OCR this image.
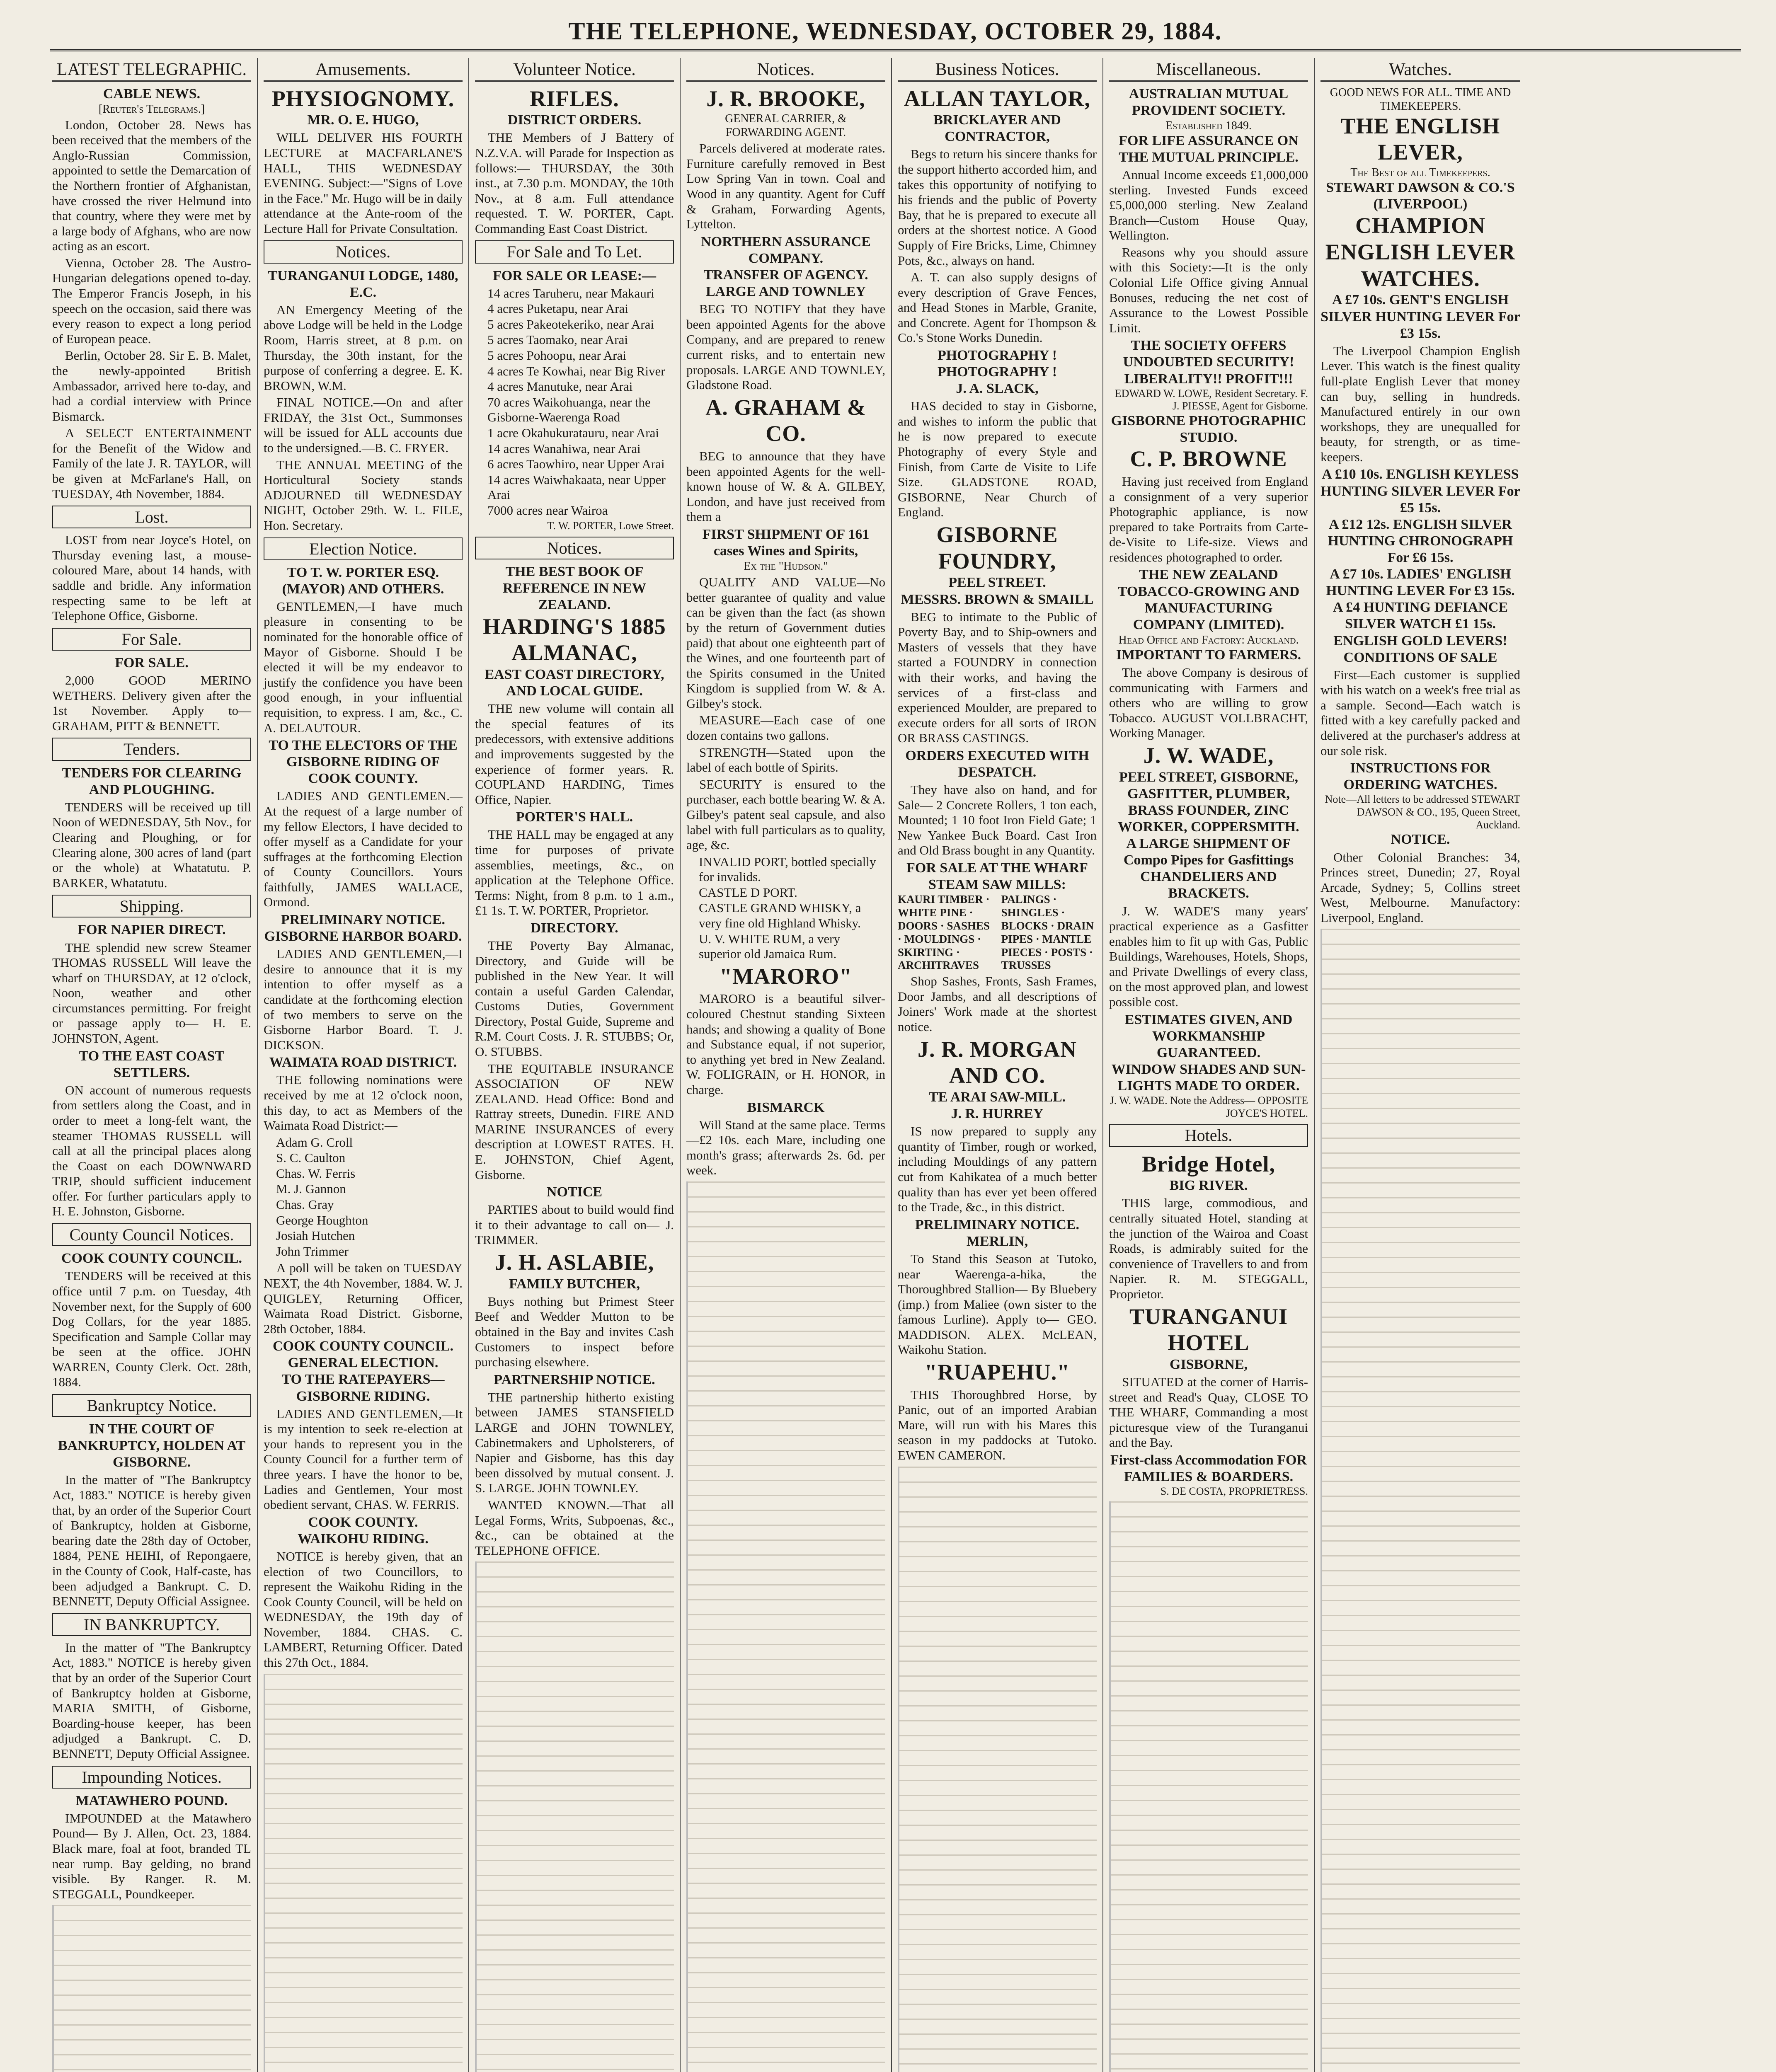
THE TELEPHONE, WEDNESDAY, OCTOBER 29, 1884.
LATEST TELEGRAPHIC.
CABLE NEWS.
[Reuter's Telegrams.]

London, October 28. News has been received that the members of the Anglo-Russian Commission, appointed to settle the Demarcation of the Northern frontier of Afghanistan, have crossed the river Helmund into that country, where they were met by a large body of Afghans, who are now acting as an escort.

Vienna, October 28. The Austro-Hungarian delegations opened to-day. The Emperor Francis Joseph, in his speech on the occasion, said there was every reason to expect a long period of European peace.

Berlin, October 28. Sir E. B. Malet, the newly-appointed British Ambassador, arrived here to-day, and had a cordial interview with Prince Bismarck.

A SELECT ENTERTAINMENT for the Benefit of the Widow and Family of the late J. R. TAYLOR, will be given at McFarlane's Hall, on TUESDAY, 4th November, 1884.

Lost.

LOST from near Joyce's Hotel, on Thursday evening last, a mouse-coloured Mare, about 14 hands, with saddle and bridle. Any information respecting same to be left at Telephone Office, Gisborne.

For Sale.
FOR SALE.

2,000 GOOD MERINO WETHERS. Delivery given after the 1st November. Apply to— GRAHAM, PITT & BENNETT.

Tenders.
TENDERS FOR CLEARING AND PLOUGHING.

TENDERS will be received up till Noon of WEDNESDAY, 5th Nov., for Clearing and Ploughing, or for Clearing alone, 300 acres of land (part or the whole) at Whatatutu. P. BARKER, Whatatutu.

Shipping.
FOR NAPIER DIRECT.

THE splendid new screw Steamer THOMAS RUSSELL Will leave the wharf on THURSDAY, at 12 o'clock, Noon, weather and other circumstances permitting. For freight or passage apply to— H. E. JOHNSTON, Agent.

TO THE EAST COAST SETTLERS.

ON account of numerous requests from settlers along the Coast, and in order to meet a long-felt want, the steamer THOMAS RUSSELL will call at all the principal places along the Coast on each DOWNWARD TRIP, should sufficient inducement offer. For further particulars apply to H. E. Johnston, Gisborne.

County Council Notices.
COOK COUNTY COUNCIL.

TENDERS will be received at this office until 7 p.m. on Tuesday, 4th November next, for the Supply of 600 Dog Collars, for the year 1885. Specification and Sample Collar may be seen at the office. JOHN WARREN, County Clerk. Oct. 28th, 1884.

Bankruptcy Notice.
IN THE COURT OF BANKRUPTCY, HOLDEN AT GISBORNE.

In the matter of "The Bankruptcy Act, 1883." NOTICE is hereby given that, by an order of the Superior Court of Bankruptcy, holden at Gisborne, bearing date the 28th day of October, 1884, PENE HEIHI, of Repongaere, in the County of Cook, Half-caste, has been adjudged a Bankrupt. C. D. BENNETT, Deputy Official Assignee.

IN BANKRUPTCY.

In the matter of "The Bankruptcy Act, 1883." NOTICE is hereby given that by an order of the Superior Court of Bankruptcy holden at Gisborne, MARIA SMITH, of Gisborne, Boarding-house keeper, has been adjudged a Bankrupt. C. D. BENNETT, Deputy Official Assignee.

Impounding Notices.
MATAWHERO POUND.

IMPOUNDED at the Matawhero Pound— By J. Allen, Oct. 23, 1884. Black mare, foal at foot, branded TL near rump. Bay gelding, no brand visible. By Ranger. R. M. STEGGALL, Poundkeeper.

Amusements.
PHYSIOGNOMY.
MR. O. E. HUGO,

WILL DELIVER HIS FOURTH LECTURE at MACFARLANE'S HALL, THIS WEDNESDAY EVENING. Subject:—"Signs of Love in the Face." Mr. Hugo will be in daily attendance at the Ante-room of the Lecture Hall for Private Consultation.

Notices.
TURANGANUI LODGE, 1480, E.C.

AN Emergency Meeting of the above Lodge will be held in the Lodge Room, Harris street, at 8 p.m. on Thursday, the 30th instant, for the purpose of conferring a degree. E. K. BROWN, W.M.

FINAL NOTICE.—On and after FRIDAY, the 31st Oct., Summonses will be issued for ALL accounts due to the undersigned.—B. C. FRYER.

THE ANNUAL MEETING of the Horticultural Society stands ADJOURNED till WEDNESDAY NIGHT, October 29th. W. L. FILE, Hon. Secretary.

Election Notice.
TO T. W. PORTER ESQ. (MAYOR) AND OTHERS.

GENTLEMEN,—I have much pleasure in consenting to be nominated for the honorable office of Mayor of Gisborne. Should I be elected it will be my endeavor to justify the confidence you have been good enough, in your influential requisition, to express. I am, &c., C. A. DELAUTOUR.

TO THE ELECTORS OF THE GISBORNE RIDING OF COOK COUNTY.

LADIES AND GENTLEMEN.—At the request of a large number of my fellow Electors, I have decided to offer myself as a Candidate for your suffrages at the forthcoming Election of County Councillors. Yours faithfully, JAMES WALLACE, Ormond.

PRELIMINARY NOTICE.
GISBORNE HARBOR BOARD.

LADIES AND GENTLEMEN,—I desire to announce that it is my intention to offer myself as a candidate at the forthcoming election of two members to serve on the Gisborne Harbor Board. T. J. DICKSON.

WAIMATA ROAD DISTRICT.

THE following nominations were received by me at 12 o'clock noon, this day, to act as Members of the Waimata Road District:—

Adam G. Croll
S. C. Caulton
Chas. W. Ferris
M. J. Gannon
Chas. Gray
George Houghton
Josiah Hutchen
John Trimmer

A poll will be taken on TUESDAY NEXT, the 4th November, 1884. W. J. QUIGLEY, Returning Officer, Waimata Road District. Gisborne, 28th October, 1884.

COOK COUNTY COUNCIL.
GENERAL ELECTION.
TO THE RATEPAYERS—GISBORNE RIDING.

LADIES AND GENTLEMEN,—It is my intention to seek re-election at your hands to represent you in the County Council for a further term of three years. I have the honor to be, Ladies and Gentlemen, Your most obedient servant, CHAS. W. FERRIS.

COOK COUNTY.
WAIKOHU RIDING.

NOTICE is hereby given, that an election of two Councillors, to represent the Waikohu Riding in the Cook County Council, will be held on WEDNESDAY, the 19th day of November, 1884. CHAS. C. LAMBERT, Returning Officer. Dated this 27th Oct., 1884.

Volunteer Notice.
RIFLES.
DISTRICT ORDERS.

THE Members of J Battery of N.Z.V.A. will Parade for Inspection as follows:— THURSDAY, the 30th inst., at 7.30 p.m. MONDAY, the 10th Nov., at 8 a.m. Full attendance requested. T. W. PORTER, Capt. Commanding East Coast District.

For Sale and To Let.
FOR SALE OR LEASE:—
14 acres Taruheru, near Makauri
4 acres Puketapu, near Arai
5 acres Pakeotekeriko, near Arai
5 acres Taomako, near Arai
5 acres Pohoopu, near Arai
4 acres Te Kowhai, near Big River
4 acres Manutuke, near Arai
70 acres Waikohuanga, near the Gisborne-Waerenga Road
1 acre Okahukuratauru, near Arai
14 acres Wanahiwa, near Arai
6 acres Taowhiro, near Upper Arai
14 acres Waiwhakaata, near Upper Arai
7000 acres near Wairoa
T. W. PORTER, Lowe Street.
Notices.
THE BEST BOOK OF REFERENCE IN NEW ZEALAND.
HARDING'S 1885 ALMANAC,
EAST COAST DIRECTORY, AND LOCAL GUIDE.

THE new volume will contain all the special features of its predecessors, with extensive additions and improvements suggested by the experience of former years. R. COUPLAND HARDING, Times Office, Napier.

PORTER'S HALL.

THE HALL may be engaged at any time for purposes of private assemblies, meetings, &c., on application at the Telephone Office. Terms: Night, from 8 p.m. to 1 a.m., £1 1s. T. W. PORTER, Proprietor.

DIRECTORY.

THE Poverty Bay Almanac, Directory, and Guide will be published in the New Year. It will contain a useful Garden Calendar, Customs Duties, Government Directory, Postal Guide, Supreme and R.M. Court Costs. J. R. STUBBS; Or, O. STUBBS.

THE EQUITABLE INSURANCE ASSOCIATION OF NEW ZEALAND. Head Office: Bond and Rattray streets, Dunedin. FIRE AND MARINE INSURANCES of every description at LOWEST RATES. H. E. JOHNSTON, Chief Agent, Gisborne.

NOTICE

PARTIES about to build would find it to their advantage to call on— J. TRIMMER.

J. H. ASLABIE,
FAMILY BUTCHER,

Buys nothing but Primest Steer Beef and Wedder Mutton to be obtained in the Bay and invites Cash Customers to inspect before purchasing elsewhere.

PARTNERSHIP NOTICE.

THE partnership hitherto existing between JAMES STANSFIELD LARGE and JOHN TOWNLEY, Cabinetmakers and Upholsterers, of Napier and Gisborne, has this day been dissolved by mutual consent. J. S. LARGE. JOHN TOWNLEY.

WANTED KNOWN.—That all Legal Forms, Writs, Subpoenas, &c., &c., can be obtained at the TELEPHONE OFFICE.

Notices.
J. R. BROOKE,
GENERAL CARRIER, & FORWARDING AGENT.

Parcels delivered at moderate rates. Furniture carefully removed in Best Low Spring Van in town. Coal and Wood in any quantity. Agent for Cuff & Graham, Forwarding Agents, Lyttelton.

NORTHERN ASSURANCE COMPANY.
TRANSFER OF AGENCY.
LARGE AND TOWNLEY

BEG TO NOTIFY that they have been appointed Agents for the above Company, and are prepared to renew current risks, and to entertain new proposals. LARGE AND TOWNLEY, Gladstone Road.

A. GRAHAM & CO.

BEG to announce that they have been appointed Agents for the well-known house of W. & A. GILBEY, London, and have just received from them a

FIRST SHIPMENT OF 161 cases Wines and Spirits,
Ex the "Hudson."

QUALITY AND VALUE—No better guarantee of quality and value can be given than the fact (as shown by the return of Government duties paid) that about one eighteenth part of the Wines, and one fourteenth part of the Spirits consumed in the United Kingdom is supplied from W. & A. Gilbey's stock.

MEASURE—Each case of one dozen contains two gallons.

STRENGTH—Stated upon the label of each bottle of Spirits.

SECURITY is ensured to the purchaser, each bottle bearing W. & A. Gilbey's patent seal capsule, and also label with full particulars as to quality, age, &c.

INVALID PORT, bottled specially for invalids.
CASTLE D PORT.
CASTLE GRAND WHISKY, a very fine old Highland Whisky.
U. V. WHITE RUM, a very superior old Jamaica Rum.
"MARORO"

MARORO is a beautiful silver-coloured Chestnut standing Sixteen hands; and showing a quality of Bone and Substance equal, if not superior, to anything yet bred in New Zealand. W. FOLIGRAIN, or H. HONOR, in charge.

BISMARCK

Will Stand at the same place. Terms—£2 10s. each Mare, including one month's grass; afterwards 2s. 6d. per week.

Business Notices.
ALLAN TAYLOR,
BRICKLAYER AND CONTRACTOR,

Begs to return his sincere thanks for the support hitherto accorded him, and takes this opportunity of notifying to his friends and the public of Poverty Bay, that he is prepared to execute all orders at the shortest notice. A Good Supply of Fire Bricks, Lime, Chimney Pots, &c., always on hand.

A. T. can also supply designs of every description of Grave Fences, and Head Stones in Marble, Granite, and Concrete. Agent for Thompson & Co.'s Stone Works Dunedin.

PHOTOGRAPHY ! PHOTOGRAPHY !
J. A. SLACK,

HAS decided to stay in Gisborne, and wishes to inform the public that he is now prepared to execute Photography of every Style and Finish, from Carte de Visite to Life Size. GLADSTONE ROAD, GISBORNE, Near Church of England.

GISBORNE FOUNDRY,
PEEL STREET.
MESSRS. BROWN & SMAILL

BEG to intimate to the Public of Poverty Bay, and to Ship-owners and Masters of vessels that they have started a FOUNDRY in connection with their works, and having the services of a first-class and experienced Moulder, are prepared to execute orders for all sorts of IRON OR BRASS CASTINGS.

ORDERS EXECUTED WITH DESPATCH.

They have also on hand, and for Sale— 2 Concrete Rollers, 1 ton each, Mounted; 1 10 foot Iron Field Gate; 1 New Yankee Buck Board. Cast Iron and Old Brass bought in any Quantity.

FOR SALE AT THE WHARF STEAM SAW MILLS:
KAURI TIMBER · WHITE PINE · DOORS · SASHES · MOULDINGS · SKIRTING · ARCHITRAVES
PALINGS · SHINGLES · BLOCKS · DRAIN PIPES · MANTLE PIECES · POSTS · TRUSSES

Shop Sashes, Fronts, Sash Frames, Door Jambs, and all descriptions of Joiners' Work made at the shortest notice.

J. R. MORGAN AND CO.
TE ARAI SAW-MILL.
J. R. HURREY

IS now prepared to supply any quantity of Timber, rough or worked, including Mouldings of any pattern cut from Kahikatea of a much better quality than has ever yet been offered to the Trade, &c., in this district.

PRELIMINARY NOTICE.
MERLIN,

To Stand this Season at Tutoko, near Waerenga-a-hika, the Thoroughbred Stallion— By Bluebery (imp.) from Maliee (own sister to the famous Lurline). Apply to— GEO. MADDISON. ALEX. McLEAN, Waikohu Station.

"RUAPEHU."

THIS Thoroughbred Horse, by Panic, out of an imported Arabian Mare, will run with his Mares this season in my paddocks at Tutoko. EWEN CAMERON.

Miscellaneous.
AUSTRALIAN MUTUAL PROVIDENT SOCIETY.
Established 1849.
FOR LIFE ASSURANCE ON THE MUTUAL PRINCIPLE.

Annual Income exceeds £1,000,000 sterling. Invested Funds exceed £5,000,000 sterling. New Zealand Branch—Custom House Quay, Wellington.

Reasons why you should assure with this Society:—It is the only Colonial Life Office giving Annual Bonuses, reducing the net cost of Assurance to the Lowest Possible Limit.

THE SOCIETY OFFERS UNDOUBTED SECURITY! LIBERALITY!! PROFIT!!!
EDWARD W. LOWE, Resident Secretary. F. J. PIESSE, Agent for Gisborne.
GISBORNE PHOTOGRAPHIC STUDIO.
C. P. BROWNE

Having just received from England a consignment of a very superior Photographic appliance, is now prepared to take Portraits from Carte-de-Visite to Life-size. Views and residences photographed to order.

THE NEW ZEALAND TOBACCO-GROWING AND MANUFACTURING COMPANY (LIMITED).
Head Office and Factory: Auckland.
IMPORTANT TO FARMERS.

The above Company is desirous of communicating with Farmers and others who are willing to grow Tobacco. AUGUST VOLLBRACHT, Working Manager.

J. W. WADE,
PEEL STREET, GISBORNE,
GASFITTER, PLUMBER, BRASS FOUNDER, ZINC WORKER, COPPERSMITH.
A LARGE SHIPMENT OF Compo Pipes for Gasfittings
CHANDELIERS AND BRACKETS.

J. W. WADE'S many years' practical experience as a Gasfitter enables him to fit up with Gas, Public Buildings, Warehouses, Hotels, Shops, and Private Dwellings of every class, on the most approved plan, and lowest possible cost.

ESTIMATES GIVEN, AND WORKMANSHIP GUARANTEED.
WINDOW SHADES AND SUN-LIGHTS MADE TO ORDER.
J. W. WADE. Note the Address— OPPOSITE JOYCE'S HOTEL.
Hotels.
Bridge Hotel,
BIG RIVER.

THIS large, commodious, and centrally situated Hotel, standing at the junction of the Wairoa and Coast Roads, is admirably suited for the convenience of Travellers to and from Napier. R. M. STEGGALL, Proprietor.

TURANGANUI HOTEL
GISBORNE,

SITUATED at the corner of Harris-street and Read's Quay, CLOSE TO THE WHARF, Commanding a most picturesque view of the Turanganui and the Bay.

First-class Accommodation FOR FAMILIES & BOARDERS.
S. DE COSTA, PROPRIETRESS.
Watches.
GOOD NEWS FOR ALL. TIME AND TIMEKEEPERS.
THE ENGLISH LEVER,
The Best of all Timekeepers.
STEWART DAWSON & CO.'S (LIVERPOOL)
CHAMPION ENGLISH LEVER WATCHES.
A £7 10s. GENT'S ENGLISH SILVER HUNTING LEVER For £3 15s.

The Liverpool Champion English Lever. This watch is the finest quality full-plate English Lever that money can buy, selling in hundreds. Manufactured entirely in our own workshops, they are unequalled for beauty, for strength, or as time-keepers.

A £10 10s. ENGLISH KEYLESS HUNTING SILVER LEVER For £5 15s.
A £12 12s. ENGLISH SILVER HUNTING CHRONOGRAPH For £6 15s.
A £7 10s. LADIES' ENGLISH HUNTING LEVER For £3 15s.
A £4 HUNTING DEFIANCE SILVER WATCH £1 15s.
ENGLISH GOLD LEVERS!
CONDITIONS OF SALE

First—Each customer is supplied with his watch on a week's free trial as a sample. Second—Each watch is fitted with a key carefully packed and delivered at the purchaser's address at our sole risk.

INSTRUCTIONS FOR ORDERING WATCHES.
Note—All letters to be addressed STEWART DAWSON & CO., 195, Queen Street, Auckland.
NOTICE.

Other Colonial Branches: 34, Princes street, Dunedin; 27, Royal Arcade, Sydney; 5, Collins street West, Melbourne. Manufactory: Liverpool, England.
